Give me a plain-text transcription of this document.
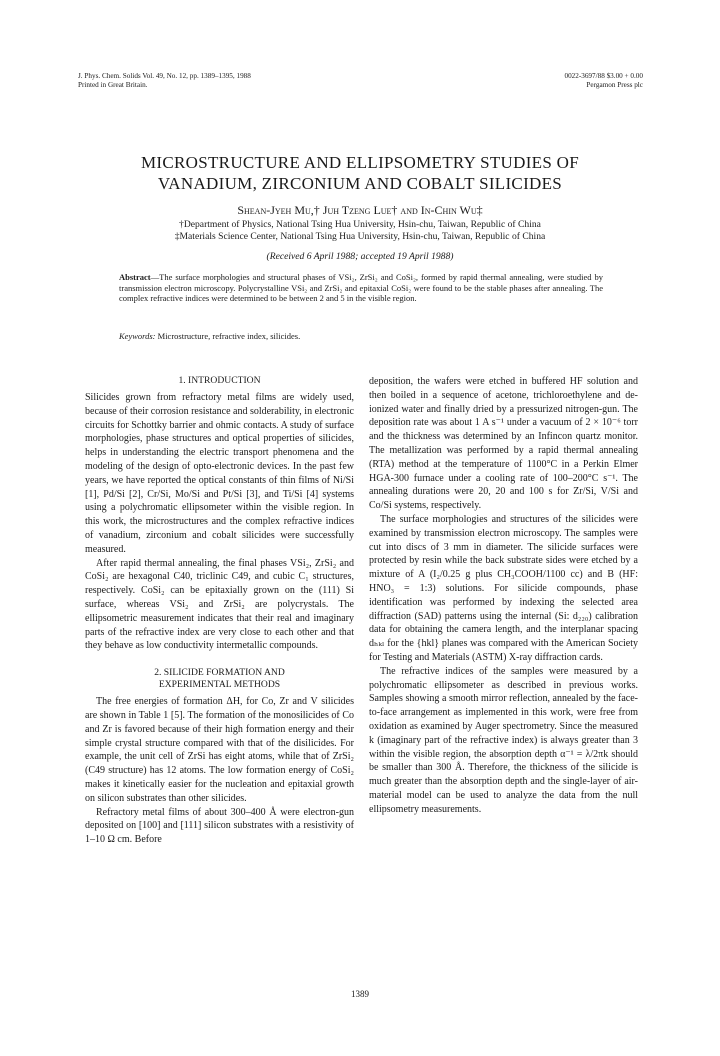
J. Phys. Chem. Solids Vol. 49, No. 12, pp. 1389–1395, 1988
Printed in Great Britain.
0022-3697/88 $3.00 + 0.00
Pergamon Press plc
MICROSTRUCTURE AND ELLIPSOMETRY STUDIES OF
VANADIUM, ZIRCONIUM AND COBALT SILICIDES
Shean-Jyeh Mu,† Juh Tzeng Lue† and In-Chin Wu‡
†Department of Physics, National Tsing Hua University, Hsin-chu, Taiwan, Republic of China
‡Materials Science Center, National Tsing Hua University, Hsin-chu, Taiwan, Republic of China
(Received 6 April 1988; accepted 19 April 1988)
Abstract—The surface morphologies and structural phases of VSi₂, ZrSi₂ and CoSi₂, formed by rapid thermal annealing, were studied by transmission electron microscopy. Polycrystalline VSi₂ and ZrSi₂ and epitaxial CoSi₂ were found to be the stable phases after annealing. The complex refractive indices were determined to be between 2 and 5 in the visible region.
Keywords: Microstructure, refractive index, silicides.
1. INTRODUCTION

Silicides grown from refractory metal films are widely used, because of their corrosion resistance and solderability, in electronic circuits for Schottky barrier and ohmic contacts. A study of surface morphologies, phase structures and optical properties of silicides, helps in understanding the electric transport phenomena and the modeling of the design of opto-electronic devices. In the past few years, we have reported the optical constants of thin films of Ni/Si [1], Pd/Si [2], Cr/Si, Mo/Si and Pt/Si [3], and Ti/Si [4] systems using a polychromatic ellipsometer within the visible region. In this work, the microstructures and the complex refractive indices of vanadium, zirconium and cobalt silicides were successfully measured.

After rapid thermal annealing, the final phases VSi₂, ZrSi₂ and CoSi₂ are hexagonal C40, triclinic C49, and cubic C₁ structures, respectively. CoSi₂ can be epitaxially grown on the (111) Si surface, whereas VSi₂ and ZrSi₂ are polycrystals. The ellipsometric measurement indicates that their real and imaginary parts of the refractive index are very close to each other and that they behave as low conductivity intermetallic compounds.

2. SILICIDE FORMATION AND
EXPERIMENTAL METHODS

The free energies of formation ΔH, for Co, Zr and V silicides are shown in Table 1 [5]. The formation of the monosilicides of Co and Zr is favored because of their high formation energy and their simple crystal structure compared with that of the disilicides. For example, the unit cell of ZrSi has eight atoms, while that of ZrSi₂ (C49 structure) has 12 atoms. The low formation energy of CoSi₂ makes it kinetically easier for the nucleation and epitaxial growth on silicon substrates than other silicides.

Refractory metal films of about 300–400 Å were electron-gun deposited on [100] and [111] silicon substrates with a resistivity of 1–10 Ω cm. Before

deposition, the wafers were etched in buffered HF solution and then boiled in a sequence of acetone, trichloroethylene and de-ionized water and finally dried by a pressurized nitrogen-gun. The deposition rate was about 1 A s⁻¹ under a vacuum of 2 × 10⁻⁶ torr and the thickness was determined by an Infincon quartz monitor. The metallization was performed by a rapid thermal annealing (RTA) method at the temperature of 1100°C in a Perkin Elmer HGA-300 furnace under a cooling rate of 100–200°C s⁻¹. The annealing durations were 20, 20 and 100 s for Zr/Si, V/Si and Co/Si systems, respectively.

The surface morphologies and structures of the silicides were examined by transmission electron microscopy. The samples were cut into discs of 3 mm in diameter. The silicide surfaces were protected by resin while the back substrate sides were etched by a mixture of A (I₂/0.25 g plus CH₃COOH/1100 cc) and B (HF: HNO₃ = 1:3) solutions. For silicide compounds, phase identification was performed by indexing the selected area diffraction (SAD) patterns using the internal (Si: d₂₂₀) calibration data for obtaining the camera length, and the interplanar spacing dₕₖₗ for the {hkl} planes was compared with the American Society for Testing and Materials (ASTM) X-ray diffraction cards.

The refractive indices of the samples were measured by a polychromatic ellipsometer as described in previous works. Samples showing a smooth mirror reflection, annealed by the face-to-face arrangement as implemented in this work, were free from oxidation as examined by Auger spectrometry. Since the measured k (imaginary part of the refractive index) is always greater than 3 within the visible region, the absorption depth α⁻¹ = λ/2πk should be smaller than 300 Å. Therefore, the thickness of the silicide is much greater than the absorption depth and the single-layer of air-material model can be used to analyze the data from the null ellipsometry measurements.

1389
